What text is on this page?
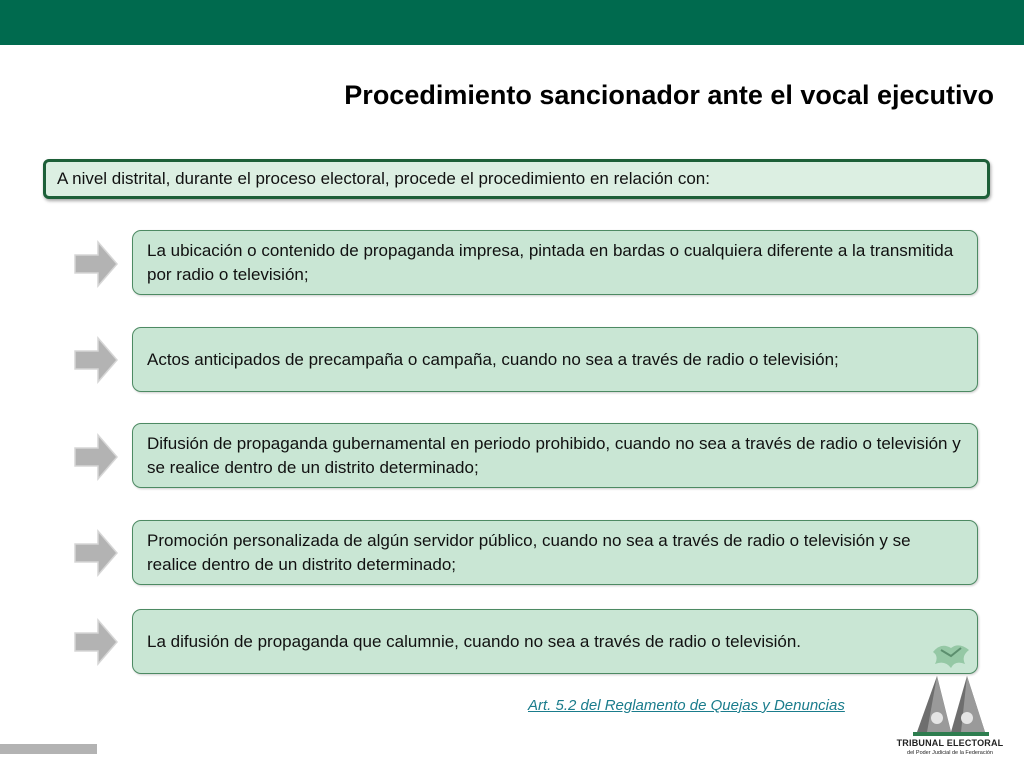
Procedimiento sancionador ante el vocal ejecutivo
A nivel distrital, durante el proceso electoral, procede el procedimiento en relación con:
La ubicación o contenido de propaganda impresa, pintada en bardas o cualquiera diferente a la transmitida por radio o televisión;
Actos anticipados de precampaña o campaña, cuando no sea a través de radio o televisión;
Difusión de propaganda gubernamental en periodo prohibido, cuando no sea a través de radio o televisión y se realice dentro de un distrito determinado;
Promoción personalizada de algún servidor público, cuando no sea a través de radio o televisión y se realice dentro de un distrito determinado;
La difusión de propaganda que calumnie, cuando no sea a través de radio o televisión.
Art. 5.2 del Reglamento de Quejas y Denuncias
TRIBUNAL ELECTORAL
del Poder Judicial de la Federación
